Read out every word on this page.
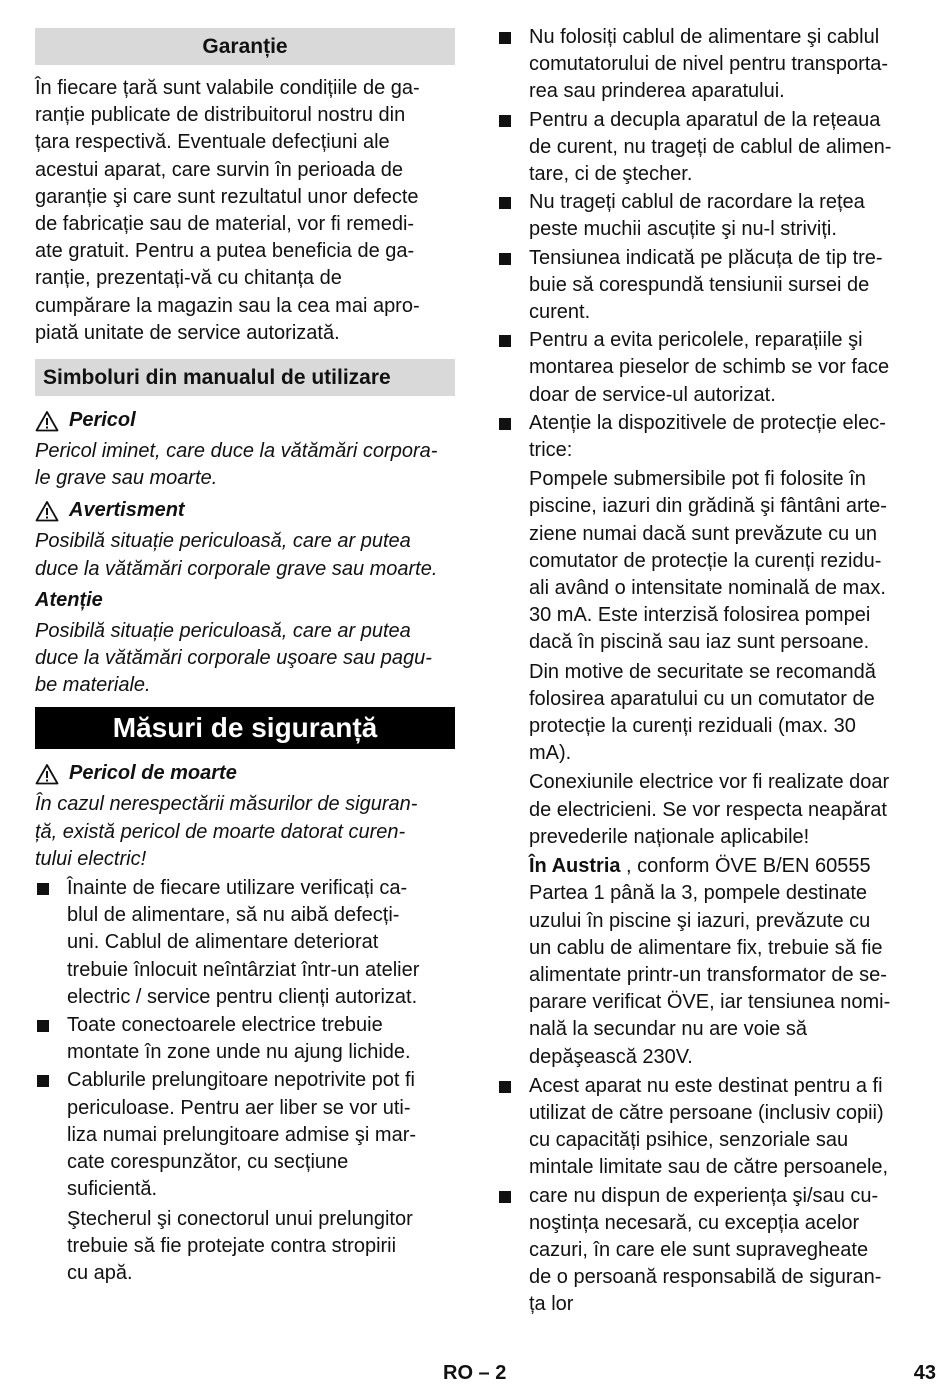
Garanție

În fiecare țară sunt valabile condițiile de ga-
ranție publicate de distribuitorul nostru din
țara respectivă. Eventuale defecțiuni ale
acestui aparat, care survin în perioada de
garanție şi care sunt rezultatul unor defecte
de fabricație sau de material, vor fi remedi-
ate gratuit. Pentru a putea beneficia de ga-
ranție, prezentați-vă cu chitanța de
cumpărare la magazin sau la cea mai apro-
piată unitate de service autorizată.

Simboluri din manualul de utilizare
Pericol

Pericol iminet, care duce la vătămări corpora-
le grave sau moarte.

Avertisment

Posibilă situație periculoasă, care ar putea
duce la vătămări corporale grave sau moarte.

Atenție

Posibilă situație periculoasă, care ar putea
duce la vătămări corporale uşoare sau pagu-
be materiale.

Măsuri de siguranță
Pericol de moarte

În cazul nerespectării măsurilor de siguran-
ță, există pericol de moarte datorat curen-
tului electric!

Înainte de fiecare utilizare verificați ca-
blul de alimentare, să nu aibă defecți-
uni. Cablul de alimentare deteriorat
trebuie înlocuit neîntârziat într-un atelier
electric / service pentru clienți autorizat.

Toate conectoarele electrice trebuie
montate în zone unde nu ajung lichide.

Cablurile prelungitoare nepotrivite pot fi
periculoase. Pentru aer liber se vor uti-
liza numai prelungitoare admise şi mar-
cate corespunzător, cu secțiune
suficientă.

Ştecherul şi conectorul unui prelungitor
trebuie să fie protejate contra stropirii
cu apă.

Nu folosiți cablul de alimentare şi cablul
comutatorului de nivel pentru transporta-
rea sau prinderea aparatului.

Pentru a decupla aparatul de la rețeaua
de curent, nu trageți de cablul de alimen-
tare, ci de ştecher.

Nu trageți cablul de racordare la rețea
peste muchii ascuțite şi nu-l striviți.

Tensiunea indicată pe plăcuța de tip tre-
buie să corespundă tensiunii sursei de
curent.

Pentru a evita pericolele, reparațiile şi
montarea pieselor de schimb se vor face
doar de service-ul autorizat.

Atenție la dispozitivele de protecție elec-
trice:

Pompele submersibile pot fi folosite în
piscine, iazuri din grădină şi fântâni arte-
ziene numai dacă sunt prevăzute cu un
comutator de protecție la curenți rezidu-
ali având o intensitate nominală de max.
30 mA. Este interzisă folosirea pompei
dacă în piscină sau iaz sunt persoane.

Din motive de securitate se recomandă
folosirea aparatului cu un comutator de
protecție la curenți reziduali (max. 30
mA).

Conexiunile electrice vor fi realizate doar
de electricieni. Se vor respecta neapărat
prevederile naționale aplicabile!

În Austria , conform ÖVE B/EN 60555
Partea 1 până la 3, pompele destinate
uzului în piscine şi iazuri, prevăzute cu
un cablu de alimentare fix, trebuie să fie
alimentate printr-un transformator de se-
parare verificat ÖVE, iar tensiunea nomi-
nală la secundar nu are voie să
depăşească 230V.

Acest aparat nu este destinat pentru a fi
utilizat de către persoane (inclusiv copii)
cu capacități psihice, senzoriale sau
mintale limitate sau de către persoanele,

care nu dispun de experiența şi/sau cu-
noştința necesară, cu excepția acelor
cazuri, în care ele sunt supravegheate
de o persoană responsabilă de siguran-
ța lor

RO – 2	43
